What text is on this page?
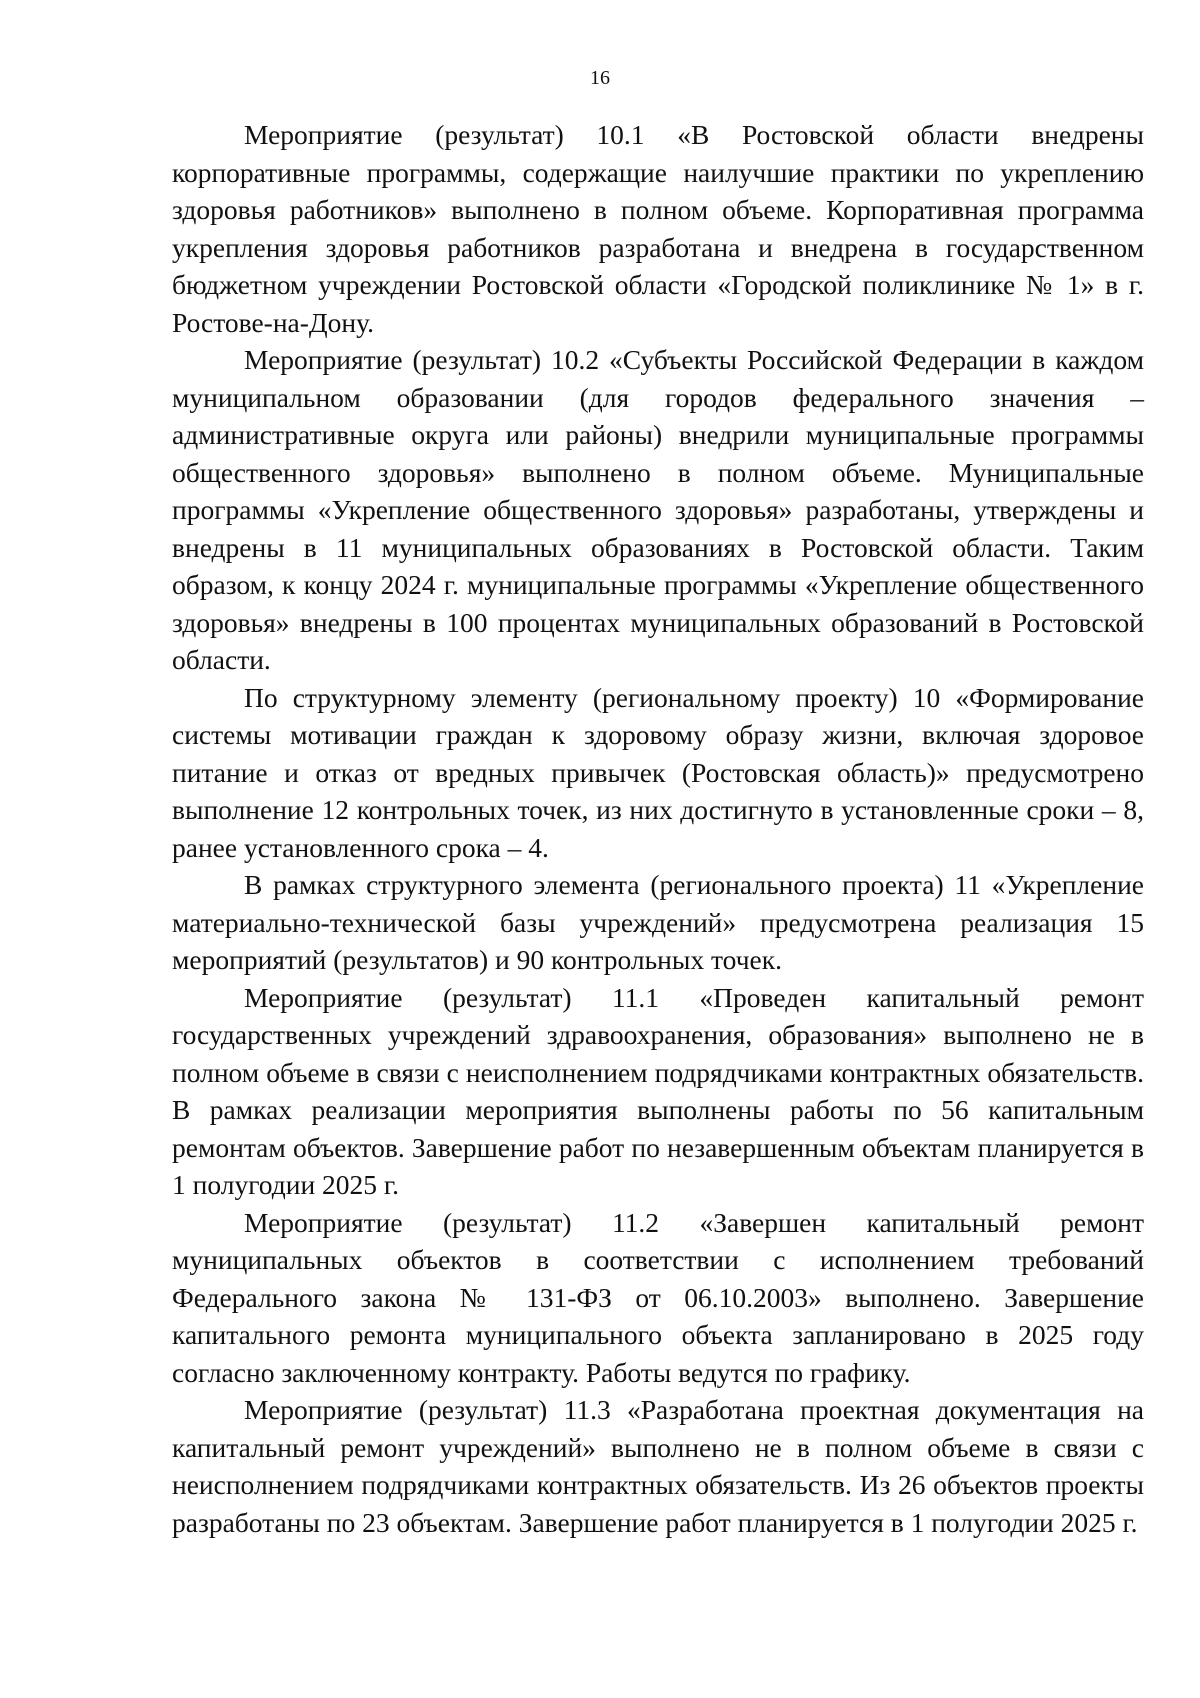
16

Мероприятие (результат) 10.1 «В Ростовской области внедрены корпоративные программы, содержащие наилучшие практики по укреплению здоровья работников» выполнено в полном объеме. Корпоративная программа укрепления здоровья работников разработана и внедрена в государственном бюджетном учреждении Ростовской области «Городской поликлинике № 1» в г. Ростове-на-Дону.

Мероприятие (результат) 10.2 «Субъекты Российской Федерации в каждом муниципальном образовании (для городов федерального значения – административные округа или районы) внедрили муниципальные программы общественного здоровья» выполнено в полном объеме. Муниципальные программы «Укрепление общественного здоровья» разработаны, утверждены и внедрены в 11 муниципальных образованиях в Ростовской области. Таким образом, к концу 2024 г. муниципальные программы «Укрепление общественного здоровья» внедрены в 100 процентах муниципальных образований в Ростовской области.

По структурному элементу (региональному проекту) 10 «Формирование системы мотивации граждан к здоровому образу жизни, включая здоровое питание и отказ от вредных привычек (Ростовская область)» предусмотрено выполнение 12 контрольных точек, из них достигнуто в установленные сроки – 8, ранее установленного срока – 4.

В рамках структурного элемента (регионального проекта) 11 «Укрепление материально-технической базы учреждений» предусмотрена реализация 15 мероприятий (результатов) и 90 контрольных точек.

Мероприятие (результат) 11.1 «Проведен капитальный ремонт государственных учреждений здравоохранения, образования» выполнено не в полном объеме в связи с неисполнением подрядчиками контрактных обязательств. В рамках реализации мероприятия выполнены работы по 56 капитальным ремонтам объектов. Завершение работ по незавершенным объектам планируется в 1 полугодии 2025 г.

Мероприятие (результат) 11.2 «Завершен капитальный ремонт муниципальных объектов в соответствии с исполнением требований Федерального закона № 131-ФЗ от 06.10.2003» выполнено. Завершение капитального ремонта муниципального объекта запланировано в 2025 году согласно заключенному контракту. Работы ведутся по графику.

Мероприятие (результат) 11.3 «Разработана проектная документация на капитальный ремонт учреждений» выполнено не в полном объеме в связи с неисполнением подрядчиками контрактных обязательств. Из 26 объектов проекты разработаны по 23 объектам. Завершение работ планируется в 1 полугодии 2025 г.
